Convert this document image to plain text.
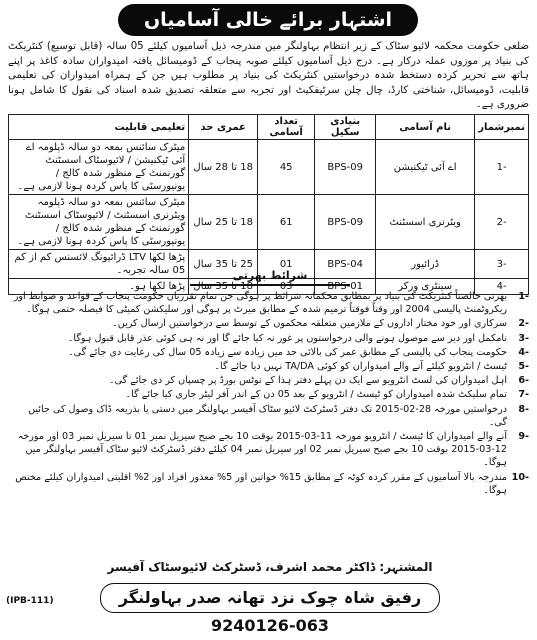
اشتہار برائے خالی آسامیاں
ضلعی حکومت محکمہ لائیو سٹاک کے زیر انتظام بہاولنگر میں مندرجہ ذیل آسامیوں کیلئے 05 سالہ (قابل توسیع) کنٹریکٹ کی بنیاد پر موزوں عملہ درکار ہے۔ درج ذیل آسامیوں کیلئے صوبہ پنجاب کے ڈومیسائل یافتہ امیدواران سادہ کاغذ پر اپنے ہاتھ سے تحریر کردہ دستخط شدہ درخواستیں کنٹریکٹ کی بنیاد پر مطلوب ہیں جن کے ہمراہ امیدواران کی تعلیمی قابلیت، ڈومیسائل، شناختی کارڈ، چال چلن سرٹیفکیٹ اور تجربہ سے متعلقہ تصدیق شدہ اسناد کی نقول کا شامل ہونا ضروری ہے۔
نمبرشمار	نام آسامی	بنیادی سکیل	تعداد آسامی	عمری حد	تعلیمی قابلیت
-1	اے آئی ٹیکنیشن	BPS-09	45	18 تا 28 سال	میٹرک سائنس بمعہ دو سالہ ڈپلومہ اے آئی ٹیکنیشن / لائیوسٹاک اسسٹنٹ گورنمنٹ کے منظور شدہ کالج / یونیورسٹی کا پاس کردہ ہونا لازمی ہے۔
-2	ویٹرنری اسسٹنٹ	BPS-09	61	18 تا 25 سال	میٹرک سائنس بمعہ دو سالہ ڈپلومہ ویٹرنری اسسٹنٹ / لائیوسٹاک اسسٹنٹ گورنمنٹ کے منظور شدہ کالج / یونیورسٹی کا پاس کردہ ہونا لازمی ہے۔
-3	ڈرائیور	BPS-04	01	25 تا 35 سال	پڑھا لکھا LTV ڈرائیونگ لائسنس کم از کم 05 سالہ تجربہ۔
-4	سینٹری ورکر	BPS-01	03	18 تا 35 سال	پڑھا لکھا ہو۔
شرائط بھرتی
-1
بھرتی خالصتاً کنٹریکٹ کی بنیاد پر بمطابق محکمانہ شرائط پر ہوگی جن تمام تقرریاں حکومت پنجاب کے قواعد و ضوابط اور ریکروٹمنٹ پالیسی 2004 اور وقتاً فوقتاً ترمیم شدہ کے مطابق میرٹ پر ہوگی اور سلیکشن کمیٹی کا فیصلہ حتمی ہوگا۔
-2
سرکاری اور خود مختار اداروں کے ملازمین متعلقہ محکموں کے توسط سے درخواستیں ارسال کریں۔
-3
نامکمل اور دیر سے موصول ہونے والی درخواستوں پر غور نہ کیا جائے گا اور نہ ہی کوئی عذر قابل قبول ہوگا۔
-4
حکومت پنجاب کی پالیسی کے مطابق عمر کی بالائی حد میں زیادہ سے زیادہ 05 سال کی رعایت دی جائے گی۔
-5
ٹیسٹ / انٹرویو کیلئے آنے والے امیدواران کو کوئی TA/DA نہیں دیا جائے گا۔
-6
اہل امیدواران کی لسٹ انٹرویو سے ایک دن پہلے دفتر ہذا کے نوٹس بورڈ پر چسپاں کر دی جائے گی۔
-7
تمام سلیکٹ شدہ امیدواران کو ٹیسٹ / انٹرویو کے بعد 05 دن کے اندر آفر لیٹر جاری کیا جائے گا۔
-8
درخواستیں مورخہ 28-02-2015 تک دفتر ڈسٹرکٹ لائیو سٹاک آفیسر بہاولنگر میں دستی یا بذریعہ ڈاک وصول کی جائیں گی۔
-9
آنے والے امیدواران کا ٹیسٹ / انٹرویو مورخہ 11-03-2015 بوقت 10 بجے صبح سیریل نمبر 01 تا سیریل نمبر 03 اور مورخہ 12-03-2015 بوقت 10 بجے صبح سیریل نمبر 02 اور سیریل نمبر 04 کیلئے دفتر ڈسٹرکٹ لائیو سٹاک آفیسر بہاولنگر میں ہوگا۔
-10
مندرجہ بالا آسامیوں کے مقرر کردہ کوٹہ کے مطابق 15% خواتین اور 5% معذور افراد اور 2% اقلیتی امیدواران کیلئے مختص ہوگا۔
المشتہر: ڈاکٹر محمد اشرف، ڈسٹرکٹ لائیوسٹاک آفیسر
رفیق شاہ چوک نزد تھانہ صدر بہاولنگر 063-9240126
(IPB-111)
